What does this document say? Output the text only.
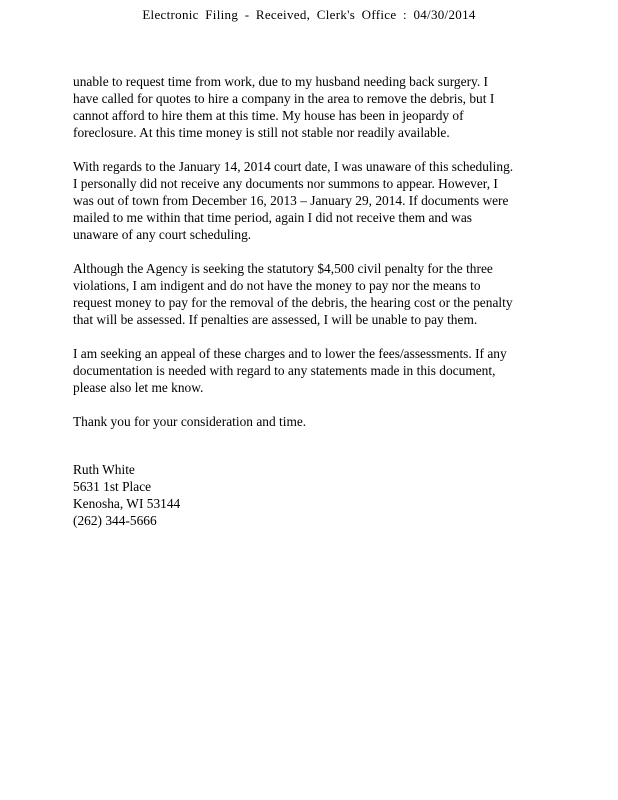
Electronic Filing - Received, Clerk's Office : 04/30/2014

unable to request time from work, due to my husband needing back surgery. I
have called for quotes to hire a company in the area to remove the debris, but I
cannot afford to hire them at this time. My house has been in jeopardy of
foreclosure. At this time money is still not stable nor readily available.

With regards to the January 14, 2014 court date, I was unaware of this scheduling.
I personally did not receive any documents nor summons to appear. However, I
was out of town from December 16, 2013 – January 29, 2014. If documents were
mailed to me within that time period, again I did not receive them and was
unaware of any court scheduling.

Although the Agency is seeking the statutory $4,500 civil penalty for the three
violations, I am indigent and do not have the money to pay nor the means to
request money to pay for the removal of the debris, the hearing cost or the penalty
that will be assessed. If penalties are assessed, I will be unable to pay them.

I am seeking an appeal of these charges and to lower the fees/assessments. If any
documentation is needed with regard to any statements made in this document,
please also let me know.

Thank you for your consideration and time.

Ruth White
5631 1st Place
Kenosha, WI 53144
(262) 344-5666
